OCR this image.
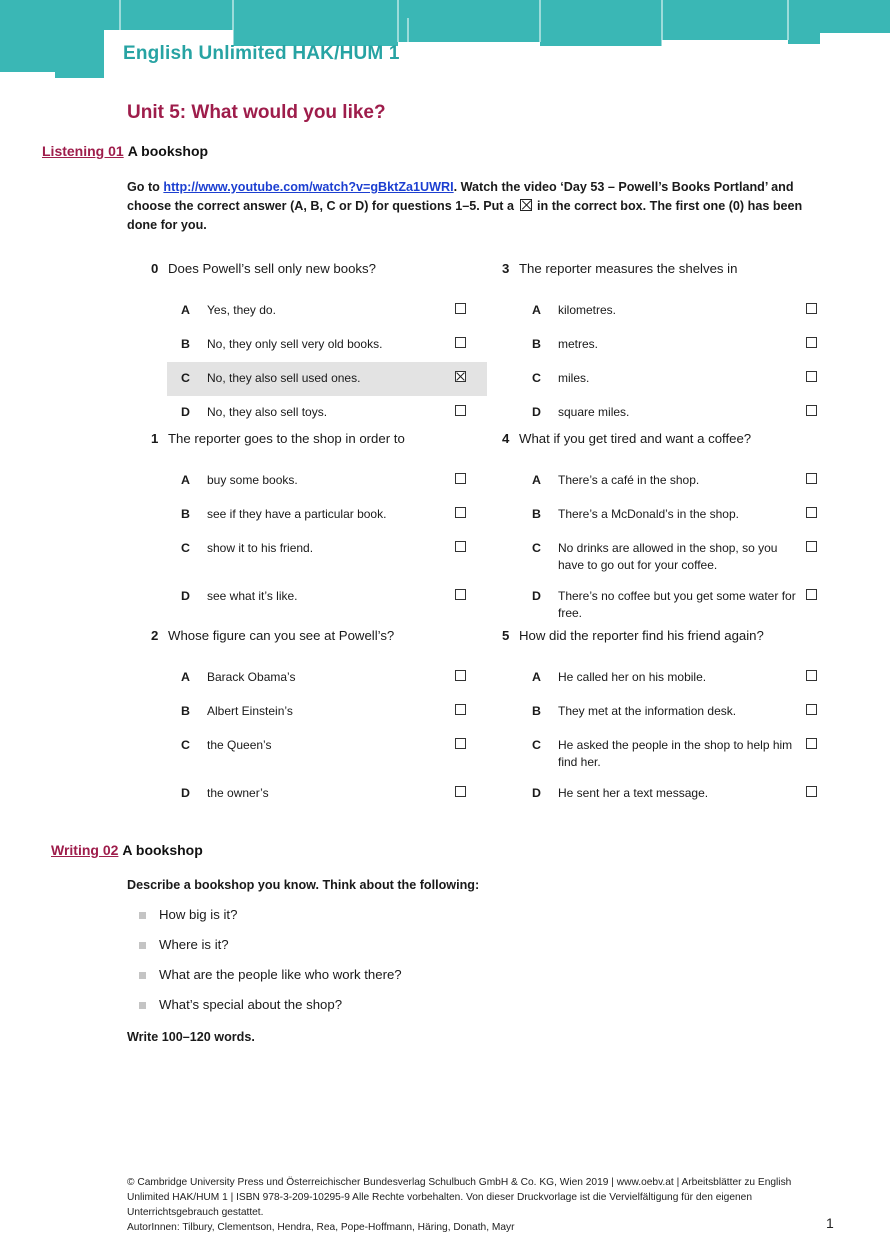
English Unlimited HAK/HUM 1
Unit 5: What would you like?
Listening 01 A bookshop
Go to http://www.youtube.com/watch?v=gBktZa1UWRI. Watch the video ‘Day 53 – Powell’s Books Portland’ and choose the correct answer (A, B, C or D) for questions 1–5. Put a  in the correct box. The first one (0) has been done for you.
0 Does Powell’s sell only new books?
A Yes, they do.
B No, they only sell very old books.
C No, they also sell used ones.
D No, they also sell toys.
1 The reporter goes to the shop in order to
A buy some books.
B see if they have a particular book.
C show it to his friend.
D see what it’s like.
2 Whose figure can you see at Powell’s?
A Barack Obama’s
B Albert Einstein’s
C the Queen’s
D the owner’s
3 The reporter measures the shelves in
A kilometres.
B metres.
C miles.
D square miles.
4 What if you get tired and want a coffee?
A There’s a café in the shop.
B There’s a McDonald’s in the shop.
C No drinks are allowed in the shop, so you have to go out for your coffee.
D There’s no coffee but you get some water for free.
5 How did the reporter find his friend again?
A He called her on his mobile.
B They met at the information desk.
C He asked the people in the shop to help him find her.
D He sent her a text message.
Writing 02 A bookshop
Describe a bookshop you know. Think about the following:
How big is it?
Where is it?
What are the people like who work there?
What’s special about the shop?
Write 100–120 words.
© Cambridge University Press und Österreichischer Bundesverlag Schulbuch GmbH & Co. KG, Wien 2019 | www.oebv.at | Arbeitsblätter zu English Unlimited HAK/HUM 1 | ISBN 978-3-209-10295-9 Alle Rechte vorbehalten. Von dieser Druckvorlage ist die Vervielfältigung für den eigenen Unterrichtsgebrauch gestattet.
AutorInnen: Tilbury, Clementson, Hendra, Rea, Pope-Hoffmann, Häring, Donath, Mayr	1
